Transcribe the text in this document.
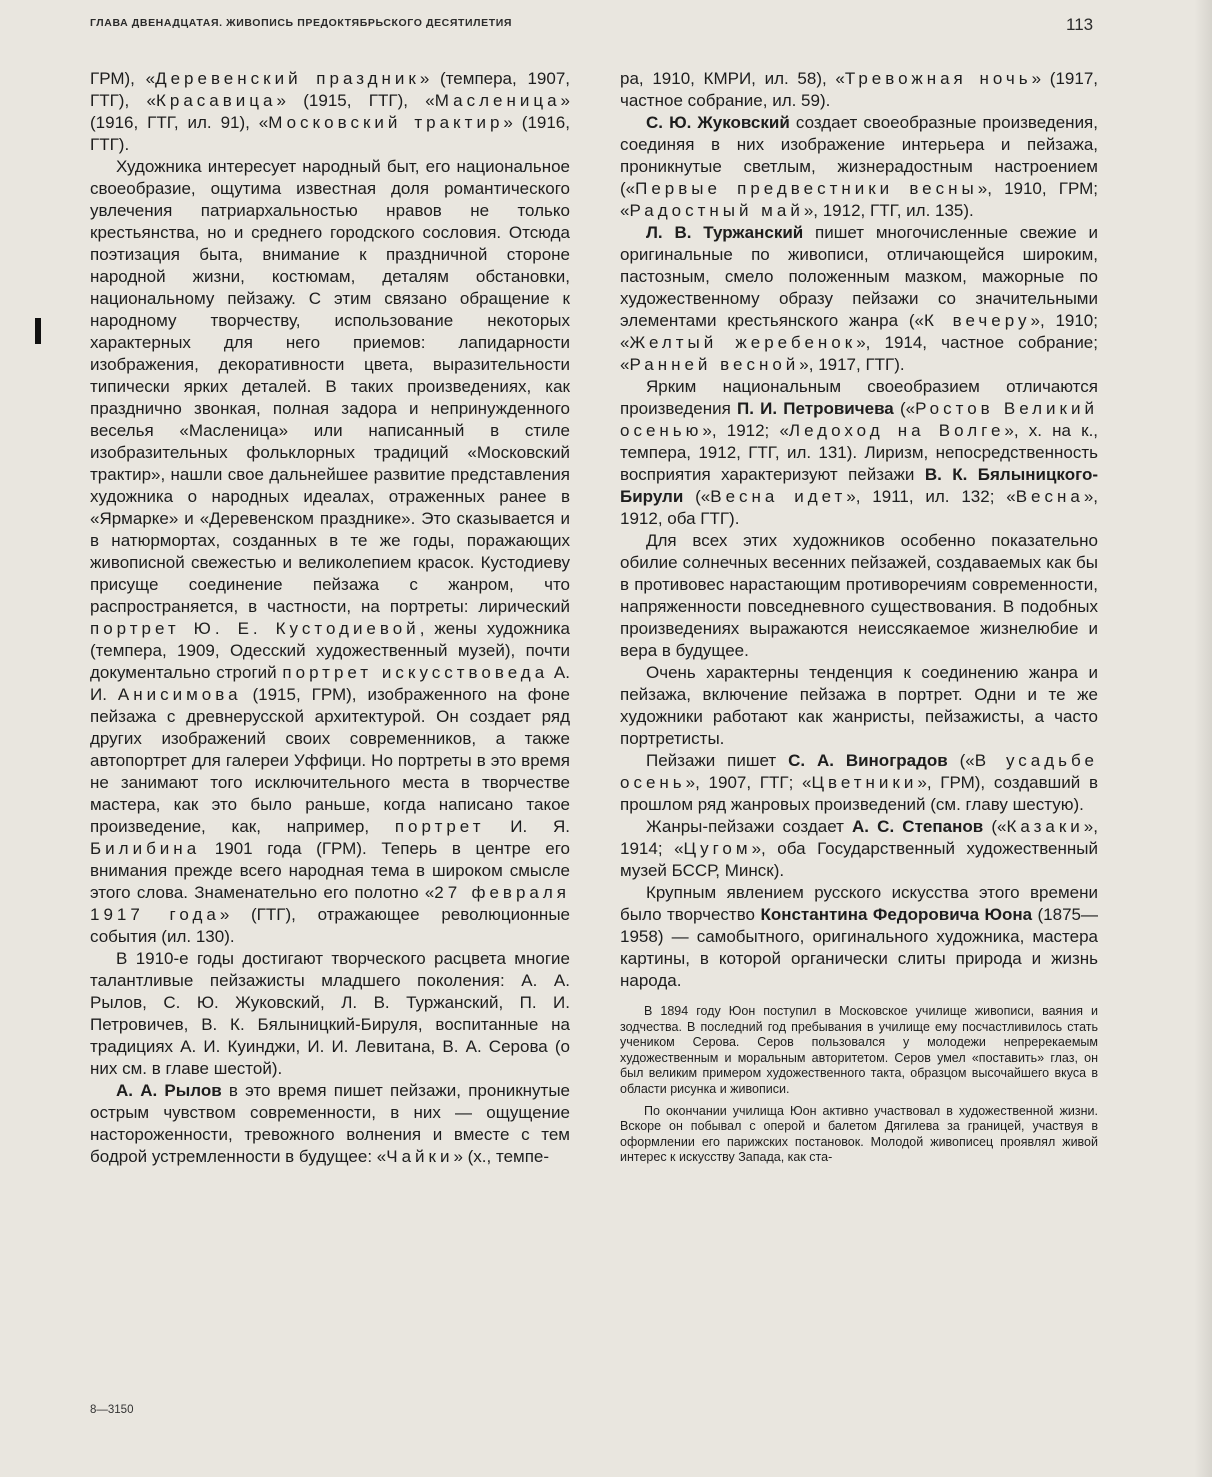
ГЛАВА ДВЕНАДЦАТАЯ. ЖИВОПИСЬ ПРЕДОКТЯБРЬСКОГО ДЕСЯТИЛЕТИЯ	113

ГРМ), «Деревенский праздник» (темпера, 1907, ГТГ), «Красавица» (1915, ГТГ), «Масленица» (1916, ГТГ, ил. 91), «Московский трактир» (1916, ГТГ).

Художника интересует народный быт, его национальное своеобразие, ощутима известная доля романтического увлечения патриархальностью нравов не только крестьянства, но и среднего городского сословия. Отсюда поэтизация быта, внимание к праздничной стороне народной жизни, костюмам, деталям обстановки, национальному пейзажу. С этим связано обращение к народному творчеству, использование некоторых характерных для него приемов: лапидарности изображения, декоративности цвета, выразительности типически ярких деталей. В таких произведениях, как празднично звонкая, полная задора и непринужденного веселья «Масленица» или написанный в стиле изобразительных фольклорных традиций «Московский трактир», нашли свое дальнейшее развитие представления художника о народных идеалах, отраженных ранее в «Ярмарке» и «Деревенском празднике». Это сказывается и в натюрмортах, созданных в те же годы, поражающих живописной свежестью и великолепием красок. Кустодиеву присуще соединение пейзажа с жанром, что распространяется, в частности, на портреты: лирический портрет Ю. Е. Кустодиевой, жены художника (темпера, 1909, Одесский художественный музей), почти документально строгий портрет искусствоведа А. И. Анисимова (1915, ГРМ), изображенного на фоне пейзажа с древнерусской архитектурой. Он создает ряд других изображений своих современников, а также автопортрет для галереи Уффици. Но портреты в это время не занимают того исключительного места в творчестве мастера, как это было раньше, когда написано такое произведение, как, например, портрет И. Я. Билибина 1901 года (ГРМ). Теперь в центре его внимания прежде всего народная тема в широком смысле этого слова. Знаменательно его полотно «27 февраля 1917 года» (ГТГ), отражающее революционные события (ил. 130).

В 1910-е годы достигают творческого расцвета многие талантливые пейзажисты младшего поколения: А. А. Рылов, С. Ю. Жуковский, Л. В. Туржанский, П. И. Петровичев, В. К. Бялыницкий-Бируля, воспитанные на традициях А. И. Куинджи, И. И. Левитана, В. А. Серова (о них см. в главе шестой).

А. А. Рылов в это время пишет пейзажи, проникнутые острым чувством современности, в них — ощущение настороженности, тревожного волнения и вместе с тем бодрой устремленности в будущее: «Чайки» (х., темпе-

ра, 1910, КМРИ, ил. 58), «Тревожная ночь» (1917, частное собрание, ил. 59).

С. Ю. Жуковский создает своеобразные произведения, соединяя в них изображение интерьера и пейзажа, проникнутые светлым, жизнерадостным настроением («Первые предвестники весны», 1910, ГРМ; «Радостный май», 1912, ГТГ, ил. 135).

Л. В. Туржанский пишет многочисленные свежие и оригинальные по живописи, отличающейся широким, пастозным, смело положенным мазком, мажорные по художественному образу пейзажи со значительными элементами крестьянского жанра («К вечеру», 1910; «Желтый жеребенок», 1914, частное собрание; «Ранней весной», 1917, ГТГ).

Ярким национальным своеобразием отличаются произведения П. И. Петровичева («Ростов Великий осенью», 1912; «Ледоход на Волге», х. на к., темпера, 1912, ГТГ, ил. 131). Лиризм, непосредственность восприятия характеризуют пейзажи В. К. Бялыницкого-Бирули («Весна идет», 1911, ил. 132; «Весна», 1912, оба ГТГ).

Для всех этих художников особенно показательно обилие солнечных весенних пейзажей, создаваемых как бы в противовес нарастающим противоречиям современности, напряженности повседневного существования. В подобных произведениях выражаются неиссякаемое жизнелюбие и вера в будущее.

Очень характерны тенденция к соединению жанра и пейзажа, включение пейзажа в портрет. Одни и те же художники работают как жанристы, пейзажисты, а часто портретисты.

Пейзажи пишет С. А. Виноградов («В усадьбе осень», 1907, ГТГ; «Цветники», ГРМ), создавший в прошлом ряд жанровых произведений (см. главу шестую).

Жанры-пейзажи создает А. С. Степанов («Казаки», 1914; «Цугом», оба Государственный художественный музей БССР, Минск).

Крупным явлением русского искусства этого времени было творчество Константина Федоровича Юона (1875—1958) — самобытного, оригинального художника, мастера картины, в которой органически слиты природа и жизнь народа.

В 1894 году Юон поступил в Московское училище живописи, ваяния и зодчества. В последний год пребывания в училище ему посчастливилось стать учеником Серова. Серов пользовался у молодежи непререкаемым художественным и моральным авторитетом. Серов умел «поставить» глаз, он был великим примером художественного такта, образцом высочайшего вкуса в области рисунка и живописи.

По окончании училища Юон активно участвовал в художественной жизни. Вскоре он побывал с оперой и балетом Дягилева за границей, участвуя в оформлении его парижских постановок. Молодой живописец проявлял живой интерес к искусству Запада, как ста-

8—3150
